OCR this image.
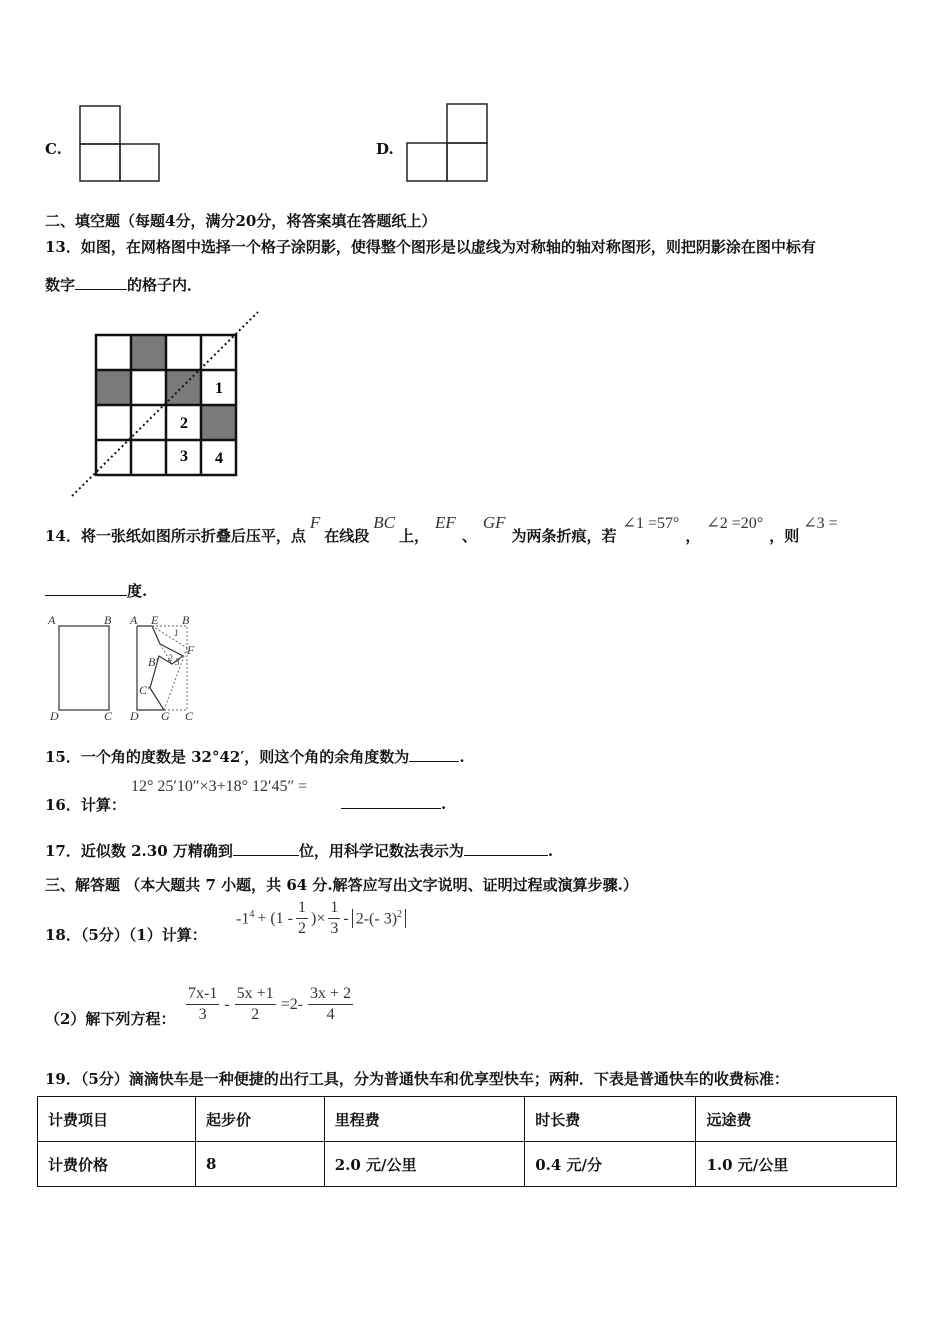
C.	D.
二、填空题（每题4分，满分20分，将答案填在答题纸上）
13．如图，在网格图中选择一个格子涂阴影，使得整个图形是以虚线为对称轴的轴对称图形，则把阴影涂在图中标有
数字	的格子内．
1
2
3 4
14．将一张纸如图所示折叠后压平，点F在线段BC上，EF、GF为两条折痕，若∠1 =57°，∠2 =20°，则∠3 =
度.
A	B
D	C
A E B
F
B′
C′
D G C
1
2 3
15．一个角的度数是 32°42′，则这个角的余角度数为	.
16．计算：
12° 25′10″×3+18° 12′45″ =
.
17．近似数 2.30 万精确到	位，用科学记数法表示为	.
三、解答题 （本大题共 7 小题，共 64 分.解答应写出文字说明、证明过程或演算步骤.）
18．（5分）（1）计算：
$-1^4 + (1 - \frac{1}{2}$ )× $\frac{1}{3} - 2-(-$ 3)$^2$
（2）解下列方程： $\frac{7x-1}{3} - \frac{5x +1}{2} =2- \frac{3x + 2}{4}$
19．（5分）滴滴快车是一种便捷的出行工具，分为普通快车和优享型快车；两种．下表是普通快车的收费标准：
计费项目	起步价	里程费	时长费	远途费
计费价格	8	2.0 元/公里	0.4 元/分	1.0 元/公里
